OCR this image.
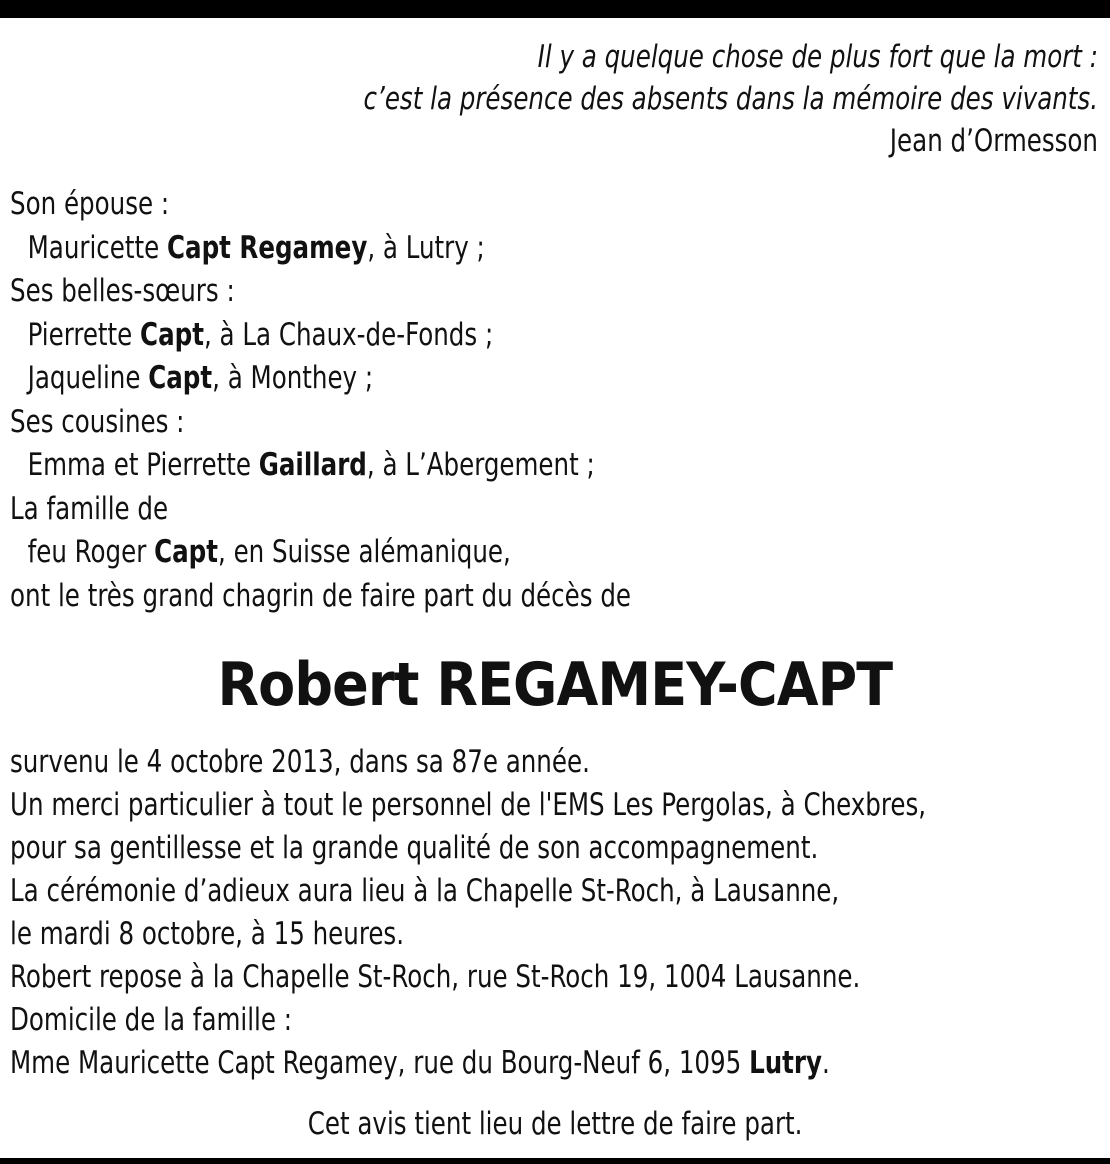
Il y a quelque chose de plus fort que la mort :
c’est la présence des absents dans la mémoire des vivants.
Jean d’Ormesson
Son épouse :
Mauricette Capt Regamey, à Lutry ;
Ses belles-sœurs :
Pierrette Capt, à La Chaux-de-Fonds ;
Jaqueline Capt, à Monthey ;
Ses cousines :
Emma et Pierrette Gaillard, à L’Abergement ;
La famille de
feu Roger Capt, en Suisse alémanique,
ont le très grand chagrin de faire part du décès de
Robert REGAMEY-CAPT
survenu le 4 octobre 2013, dans sa 87e année.
Un merci particulier à tout le personnel de l'EMS Les Pergolas, à Chexbres,
pour sa gentillesse et la grande qualité de son accompagnement.
La cérémonie d’adieux aura lieu à la Chapelle St-Roch, à Lausanne,
le mardi 8 octobre, à 15 heures.
Robert repose à la Chapelle St-Roch, rue St-Roch 19, 1004 Lausanne.
Domicile de la famille :
Mme Mauricette Capt Regamey, rue du Bourg-Neuf 6, 1095 Lutry.
Cet avis tient lieu de lettre de faire part.
